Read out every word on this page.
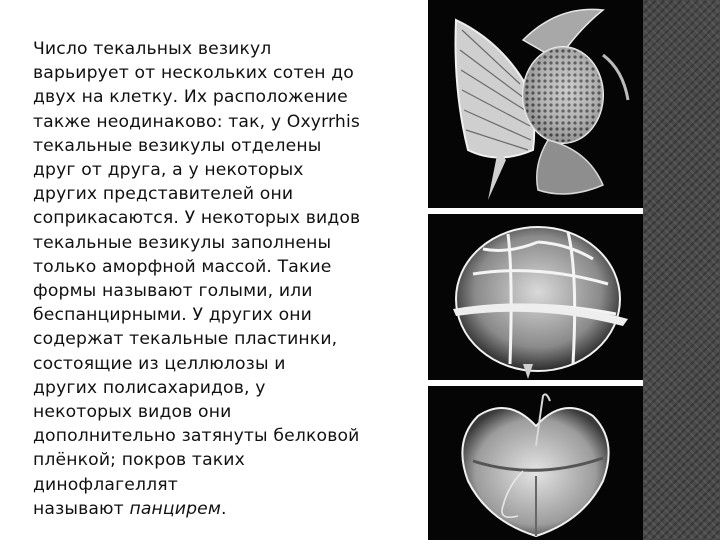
Число текальных везикул
варьирует от нескольких сотен до
двух на клетку. Их расположение
также неодинаково: так, у Oxyrrhis
текальные везикулы отделены
друг от друга, а у некоторых
других представителей они
соприкасаются. У некоторых видов
текальные везикулы заполнены
только аморфной массой. Такие
формы называют голыми, или
беспанцирными. У других они
содержат текальные пластинки,
состоящие из целлюлозы и
других полисахаридов, у
некоторых видов они
дополнительно затянуты белковой
плёнкой; покров таких
динофлагеллят
называют панцирем.
